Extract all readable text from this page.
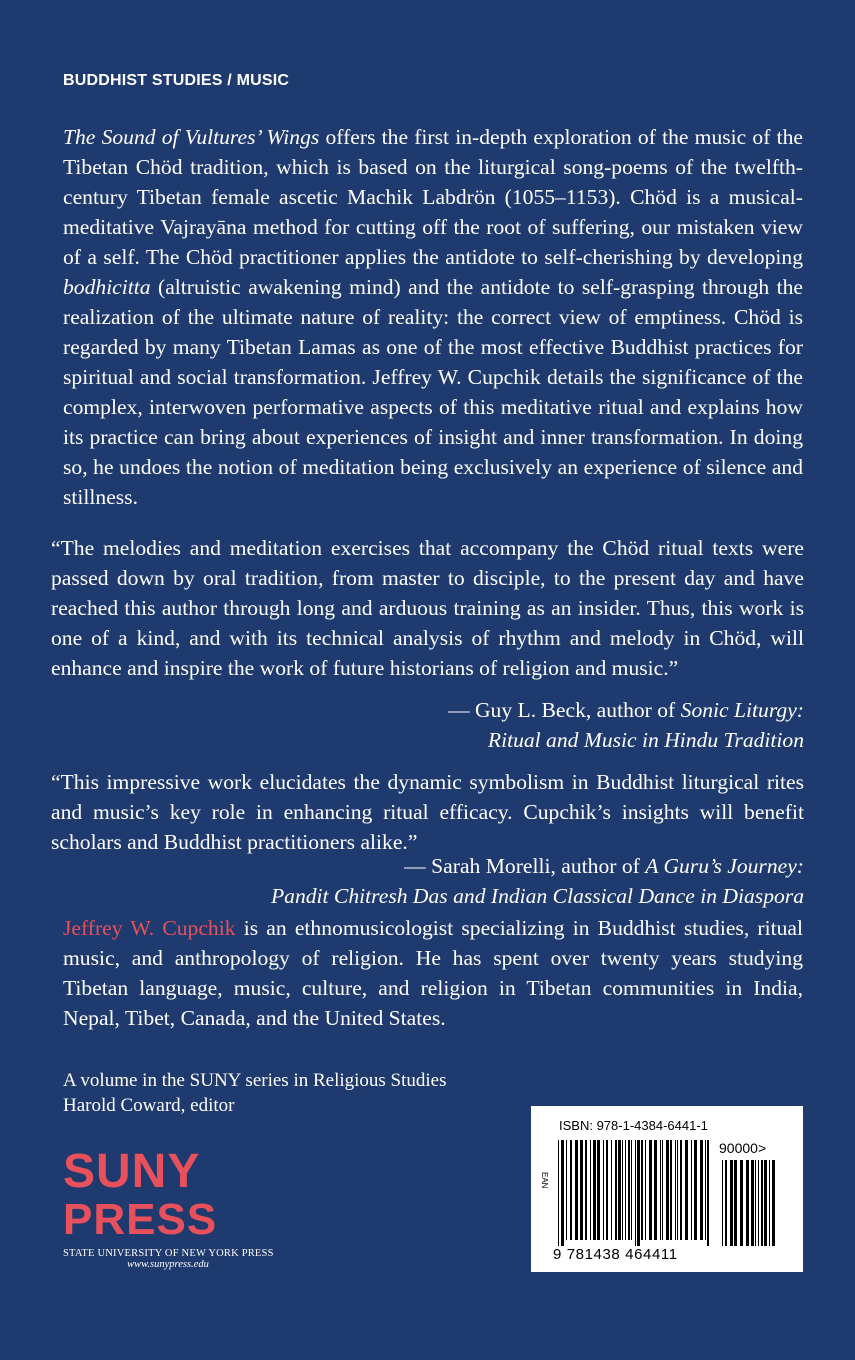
BUDDHIST STUDIES / MUSIC

The Sound of Vultures’ Wings offers the first in-depth exploration of the music of the Tibetan Chöd tradition, which is based on the liturgical song-poems of the twelfth-century Tibetan female ascetic Machik Labdrön (1055–1153). Chöd is a musical-meditative Vajrayāna method for cutting off the root of suffering, our mistaken view of a self. The Chöd practitioner applies the antidote to self-cherishing by developing bodhicitta (altruistic awakening mind) and the antidote to self-grasping through the realization of the ultimate nature of reality: the correct view of emptiness. Chöd is regarded by many Tibetan Lamas as one of the most effective Buddhist practices for spiritual and social transformation. Jeffrey W. Cupchik details the significance of the complex, interwoven performative aspects of this meditative ritual and explains how its practice can bring about experiences of insight and inner transformation. In doing so, he undoes the notion of meditation being exclusively an experience of silence and stillness.

“The melodies and meditation exercises that accompany the Chöd ritual texts were passed down by oral tradition, from master to disciple, to the present day and have reached this author through long and arduous training as an insider. Thus, this work is one of a kind, and with its technical analysis of rhythm and melody in Chöd, will enhance and inspire the work of future historians of religion and music.”

— Guy L. Beck, author of Sonic Liturgy:
Ritual and Music in Hindu Tradition

“This impressive work elucidates the dynamic symbolism in Buddhist liturgical rites and music’s key role in enhancing ritual efficacy. Cupchik’s insights will benefit scholars and Buddhist practitioners alike.”

— Sarah Morelli, author of A Guru’s Journey:
Pandit Chitresh Das and Indian Classical Dance in Diaspora

Jeffrey W. Cupchik is an ethnomusicologist specializing in Buddhist studies, ritual music, and anthropology of religion. He has spent over twenty years studying Tibetan language, music, culture, and religion in Tibetan communities in India, Nepal, Tibet, Canada, and the United States.

A volume in the SUNY series in Religious Studies
Harold Coward, editor
SUNY
PRESS
STATE UNIVERSITY OF NEW YORK PRESS
www.sunypress.edu
ISBN: 978-1-4384-6441-1
EAN
90000>
9 781438 464411
